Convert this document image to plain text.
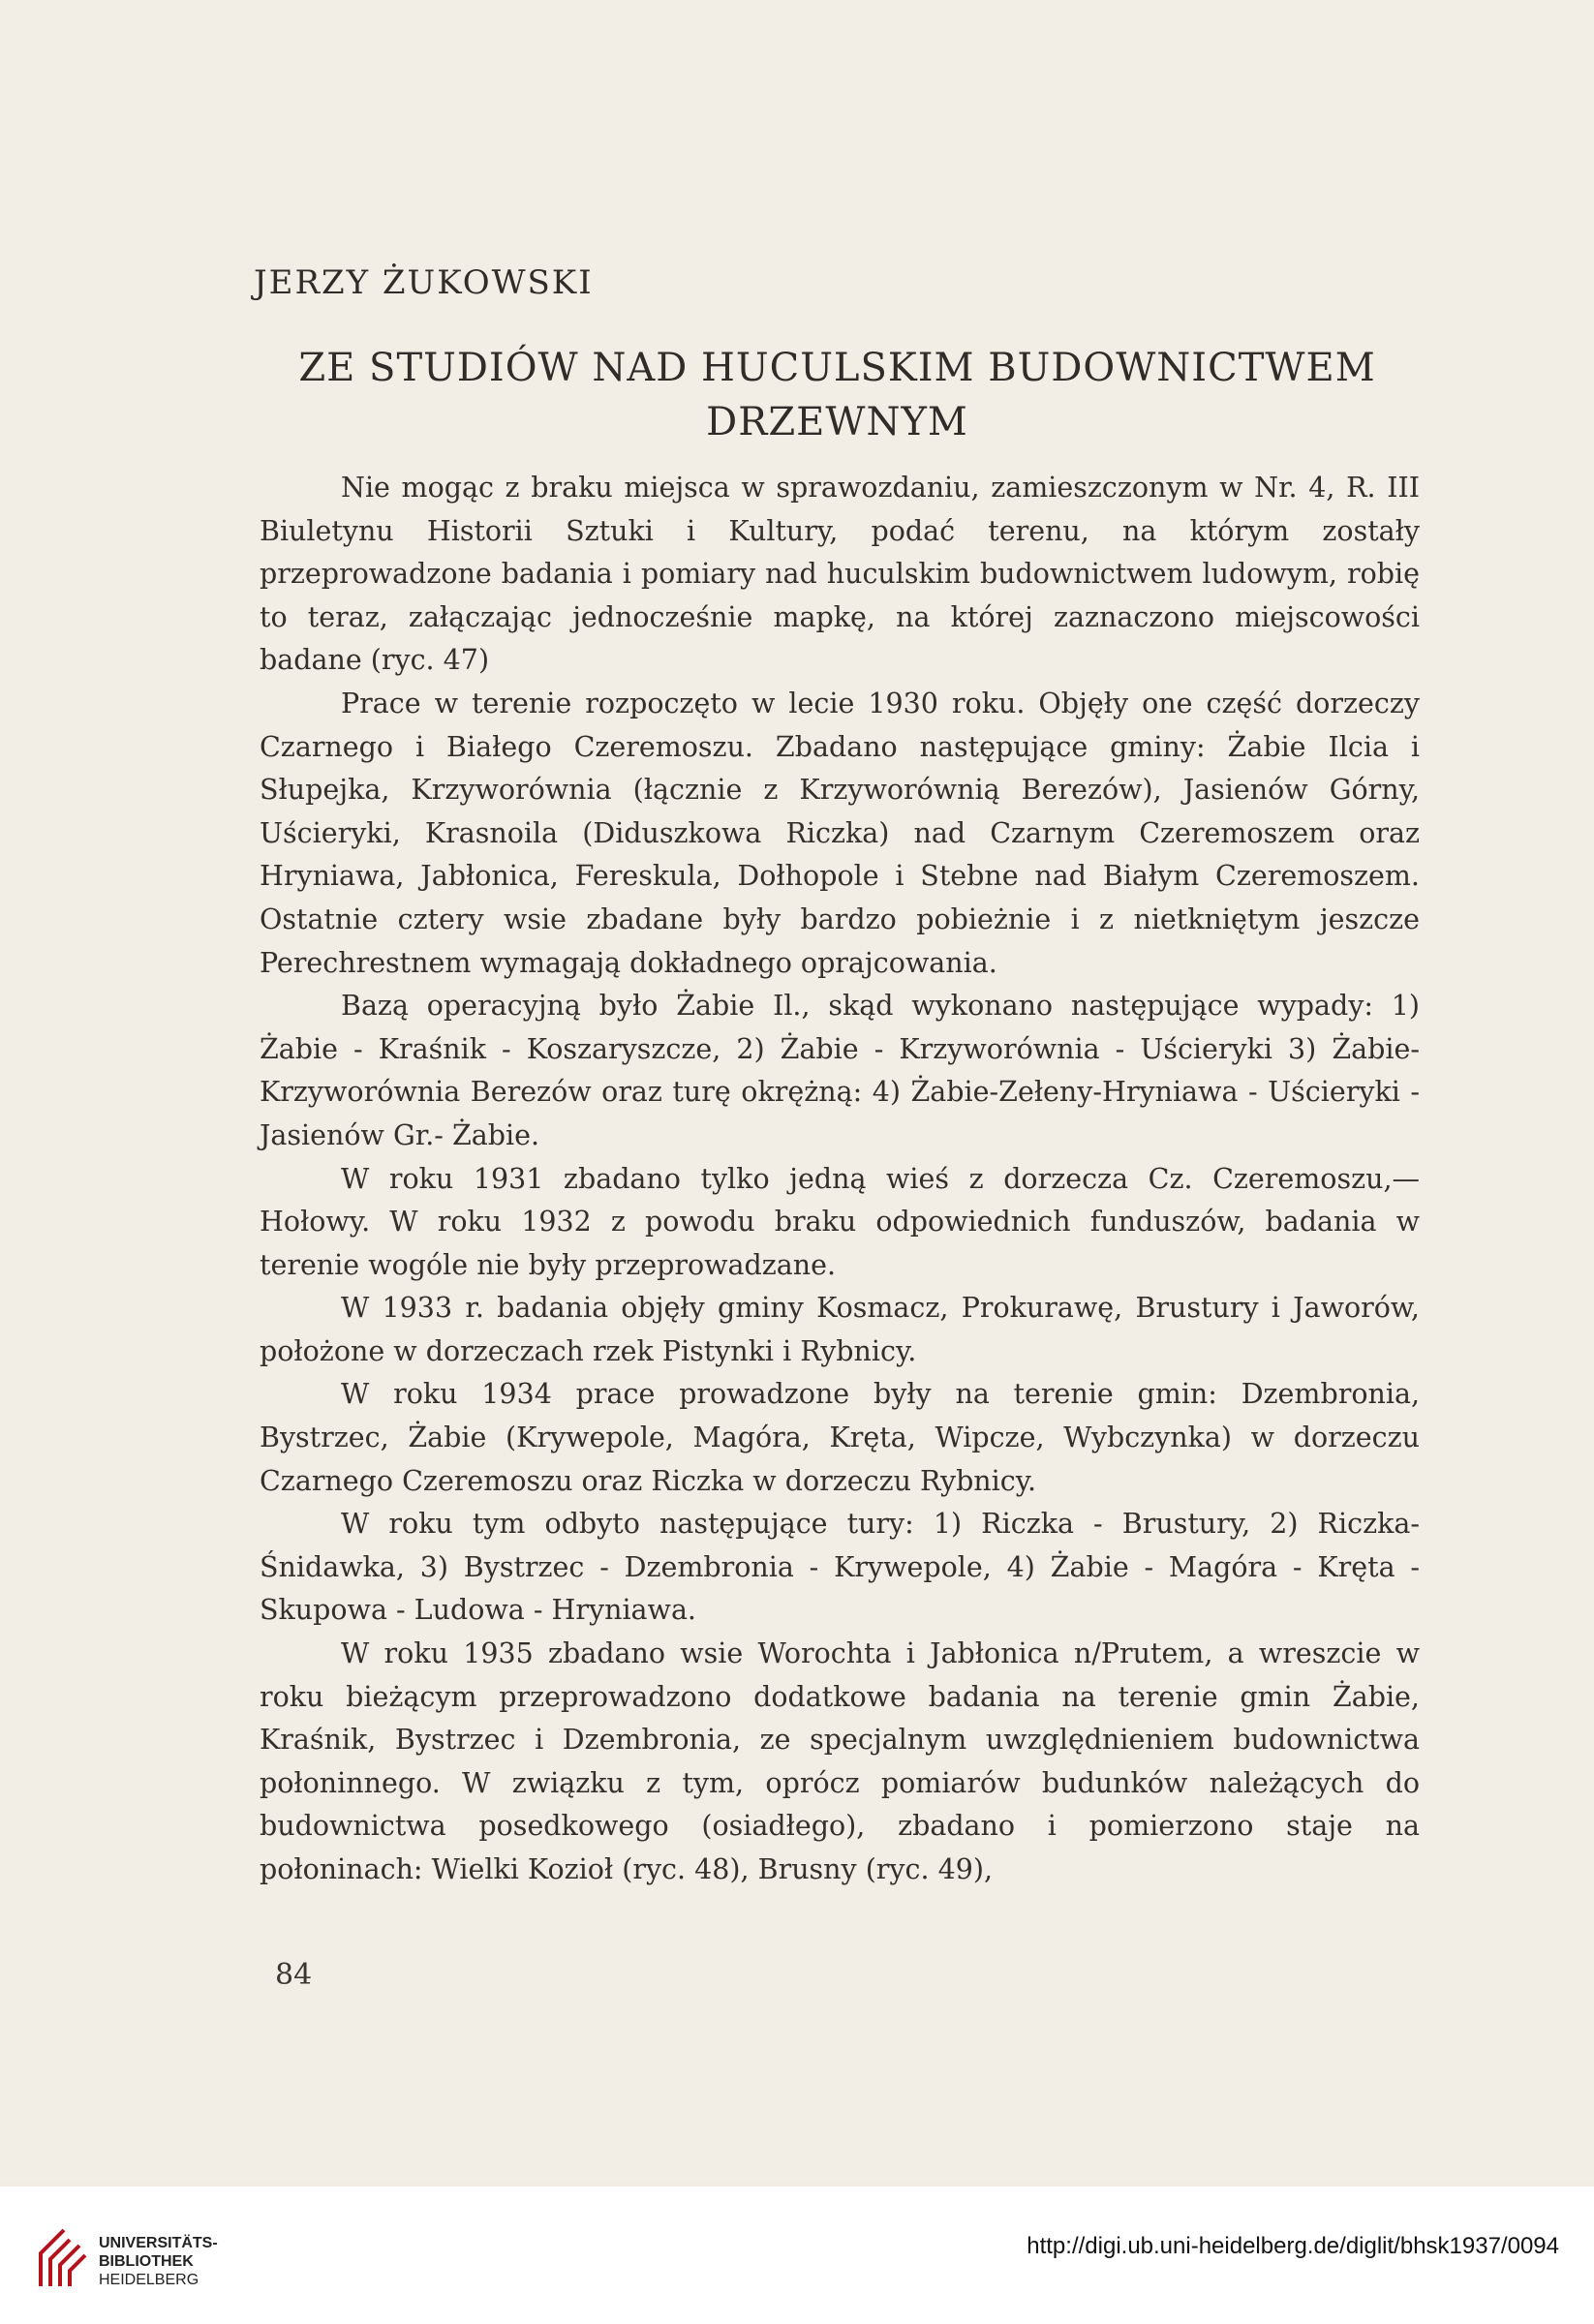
JERZY ŻUKOWSKI
ZE STUDIÓW NAD HUCULSKIM BUDOWNICTWEM
DRZEWNYM

Nie mogąc z braku miejsca w sprawozdaniu, zamieszczonym w Nr. 4, R. III Biuletynu Historii Sztuki i Kultury, podać terenu, na którym zostały przeprowadzone badania i pomiary nad huculskim budownictwem ludowym, robię to teraz, załączając jednocześnie mapkę, na której zaznaczono miejscowości badane (ryc. 47)

Prace w terenie rozpoczęto w lecie 1930 roku. Objęły one część dorzeczy Czarnego i Białego Czeremoszu. Zbadano następujące gminy: Żabie Ilcia i Słupejka, Krzyworównia (łącznie z Krzyworównią Berezów), Jasienów Górny, Uścieryki, Krasnoila (Diduszkowa Riczka) nad Czarnym Czeremoszem oraz Hryniawa, Jabłonica, Fereskula, Dołhopole i Stebne nad Białym Czeremoszem. Ostatnie cztery wsie zbadane były bardzo pobieżnie i z nietkniętym jeszcze Perechrestnem wymagają dokładnego oprajcowania.

Bazą operacyjną było Żabie Il., skąd wykonano następujące wypady: 1) Żabie - Kraśnik - Koszaryszcze, 2) Żabie - Krzyworównia - Uścieryki 3) Żabie-Krzyworównia Berezów oraz turę okrężną: 4) Żabie-Zełeny-Hryniawa - Uścieryki - Jasienów Gr.- Żabie.

W roku 1931 zbadano tylko jedną wieś z dorzecza Cz. Czeremoszu,— Hołowy. W roku 1932 z powodu braku odpowiednich funduszów, badania w terenie wogóle nie były przeprowadzane.

W 1933 r. badania objęły gminy Kosmacz, Prokurawę, Brustury i Jaworów, położone w dorzeczach rzek Pistynki i Rybnicy.

W roku 1934 prace prowadzone były na terenie gmin: Dzembronia, Bystrzec, Żabie (Krywepole, Magóra, Kręta, Wipcze, Wybczynka) w dorzeczu Czarnego Czeremoszu oraz Riczka w dorzeczu Rybnicy.

W roku tym odbyto następujące tury: 1) Riczka - Brustury, 2) Riczka-Śnidawka, 3) Bystrzec - Dzembronia - Krywepole, 4) Żabie - Magóra - Kręta - Skupowa - Ludowa - Hryniawa.

W roku 1935 zbadano wsie Worochta i Jabłonica n/Prutem, a wreszcie w roku bieżącym przeprowadzono dodatkowe badania na terenie gmin Żabie, Kraśnik, Bystrzec i Dzembronia, ze specjalnym uwzględnieniem budownictwa połoninnego. W związku z tym, oprócz pomiarów budunków należących do budownictwa posedkowego (osiadłego), zbadano i pomierzono staje na połoninach: Wielki Kozioł (ryc. 48), Brusny (ryc. 49),

84
UNIVERSITÄTS-
BIBLIOTHEK
HEIDELBERG
http://digi.ub.uni-heidelberg.de/diglit/bhsk1937/0094
